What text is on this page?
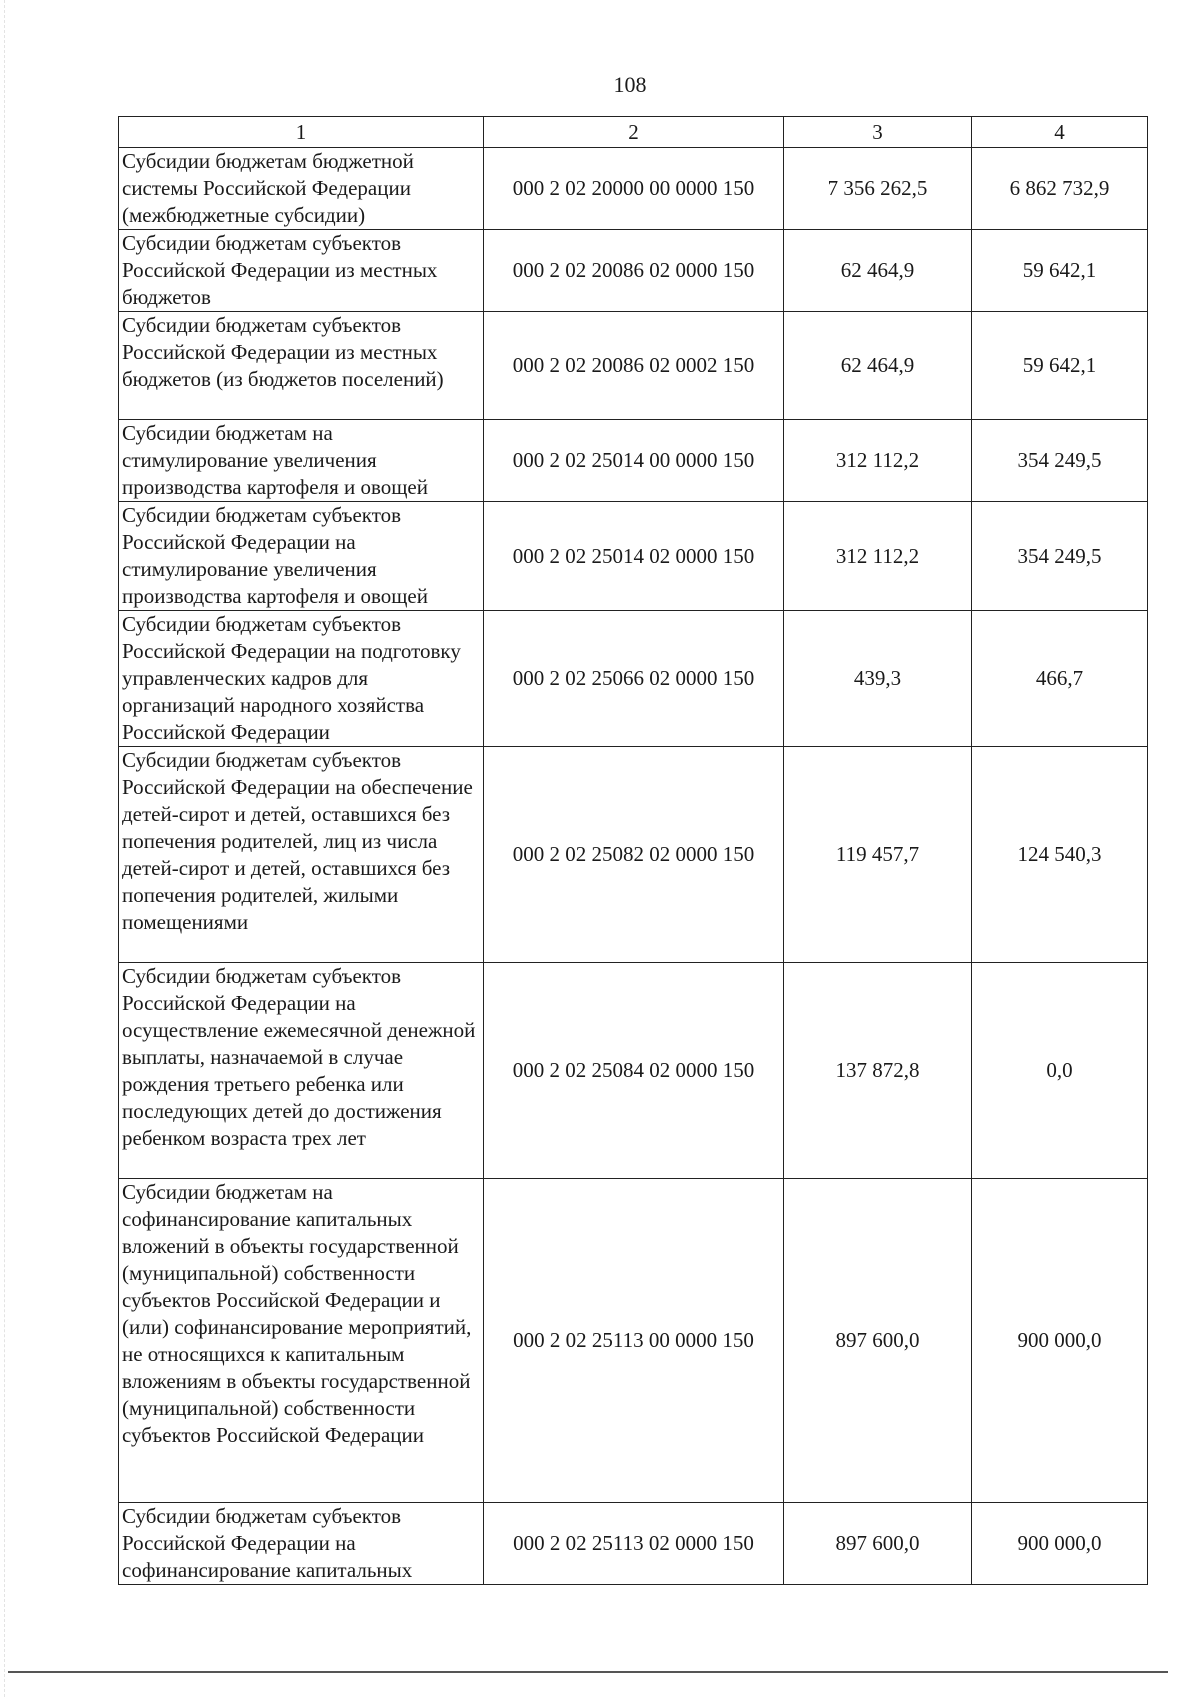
108
1	2	3	4
Субсидии бюджетам бюджетной системы Российской Федерации (межбюджетные субсидии)	000 2 02 20000 00 0000 150	7 356 262,5	6 862 732,9
Субсидии бюджетам субъектов Российской Федерации из местных бюджетов	000 2 02 20086 02 0000 150	62 464,9	59 642,1
Субсидии бюджетам субъектов Российской Федерации из местных бюджетов (из бюджетов поселений)	000 2 02 20086 02 0002 150	62 464,9	59 642,1
Субсидии бюджетам на стимулирование увеличения производства картофеля и овощей	000 2 02 25014 00 0000 150	312 112,2	354 249,5
Субсидии бюджетам субъектов Российской Федерации на стимулирование увеличения производства картофеля и овощей	000 2 02 25014 02 0000 150	312 112,2	354 249,5
Субсидии бюджетам субъектов Российской Федерации на подготовку управленческих кадров для организаций народного хозяйства Российской Федерации	000 2 02 25066 02 0000 150	439,3	466,7
Субсидии бюджетам субъектов Российской Федерации на обеспечение детей-сирот и детей, оставшихся без попечения родителей, лиц из числа детей-сирот и детей, оставшихся без попечения родителей, жилыми помещениями	000 2 02 25082 02 0000 150	119 457,7	124 540,3
Субсидии бюджетам субъектов Российской Федерации на осуществление ежемесячной денежной выплаты, назначаемой в случае рождения третьего ребенка или последующих детей до достижения ребенком возраста трех лет	000 2 02 25084 02 0000 150	137 872,8	0,0
Субсидии бюджетам на софинансирование капитальных вложений в объекты государственной (муниципальной) собственности субъектов Российской Федерации и (или) софинансирование мероприятий, не относящихся к капитальным вложениям в объекты государственной (муниципальной) собственности субъектов Российской Федерации	000 2 02 25113 00 0000 150	897 600,0	900 000,0
Субсидии бюджетам субъектов Российской Федерации на софинансирование капитальных	000 2 02 25113 02 0000 150	897 600,0	900 000,0
